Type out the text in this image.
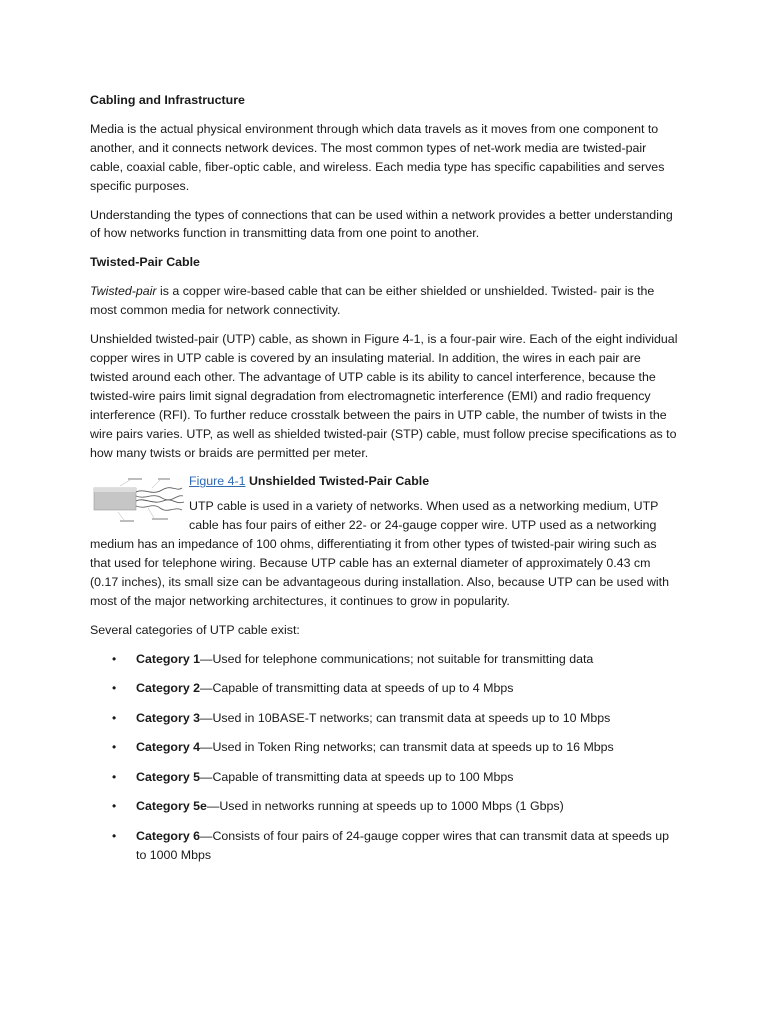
Cabling and Infrastructure

Media is the actual physical environment through which data travels as it moves from one component to another, and it connects network devices. The most common types of net-work media are twisted-pair cable, coaxial cable, fiber-optic cable, and wireless. Each media type has specific capabilities and serves specific purposes.

Understanding the types of connections that can be used within a network provides a better understanding of how networks function in transmitting data from one point to another.

Twisted-Pair Cable

Twisted-pair is a copper wire-based cable that can be either shielded or unshielded. Twisted- pair is the most common media for network connectivity.

Unshielded twisted-pair (UTP) cable, as shown in Figure 4-1, is a four-pair wire. Each of the eight individual copper wires in UTP cable is covered by an insulating material. In addition, the wires in each pair are twisted around each other. The advantage of UTP cable is its ability to cancel interference, because the twisted-wire pairs limit signal degradation from electromagnetic interference (EMI) and radio frequency interference (RFI). To further reduce crosstalk between the pairs in UTP cable, the number of twists in the wire pairs varies. UTP, as well as shielded twisted-pair (STP) cable, must follow precise specifications as to how many twists or braids are permitted per meter.

Figure 4-1 Unshielded Twisted-Pair Cable

UTP cable is used in a variety of networks. When used as a networking medium, UTP cable has four pairs of either 22- or 24-gauge copper wire. UTP used as a networking medium has an impedance of 100 ohms, differentiating it from other types of twisted-pair wiring such as that used for telephone wiring. Because UTP cable has an external diameter of approximately 0.43 cm (0.17 inches), its small size can be advantageous during installation. Also, because UTP can be used with most of the major networking architectures, it continues to grow in popularity.

Several categories of UTP cable exist:

• Category 1—Used for telephone communications; not suitable for transmitting data
• Category 2—Capable of transmitting data at speeds of up to 4 Mbps
• Category 3—Used in 10BASE-T networks; can transmit data at speeds up to 10 Mbps
• Category 4—Used in Token Ring networks; can transmit data at speeds up to 16 Mbps
• Category 5—Capable of transmitting data at speeds up to 100 Mbps
• Category 5e—Used in networks running at speeds up to 1000 Mbps (1 Gbps)
• Category 6—Consists of four pairs of 24-gauge copper wires that can transmit data at speeds up to 1000 Mbps
